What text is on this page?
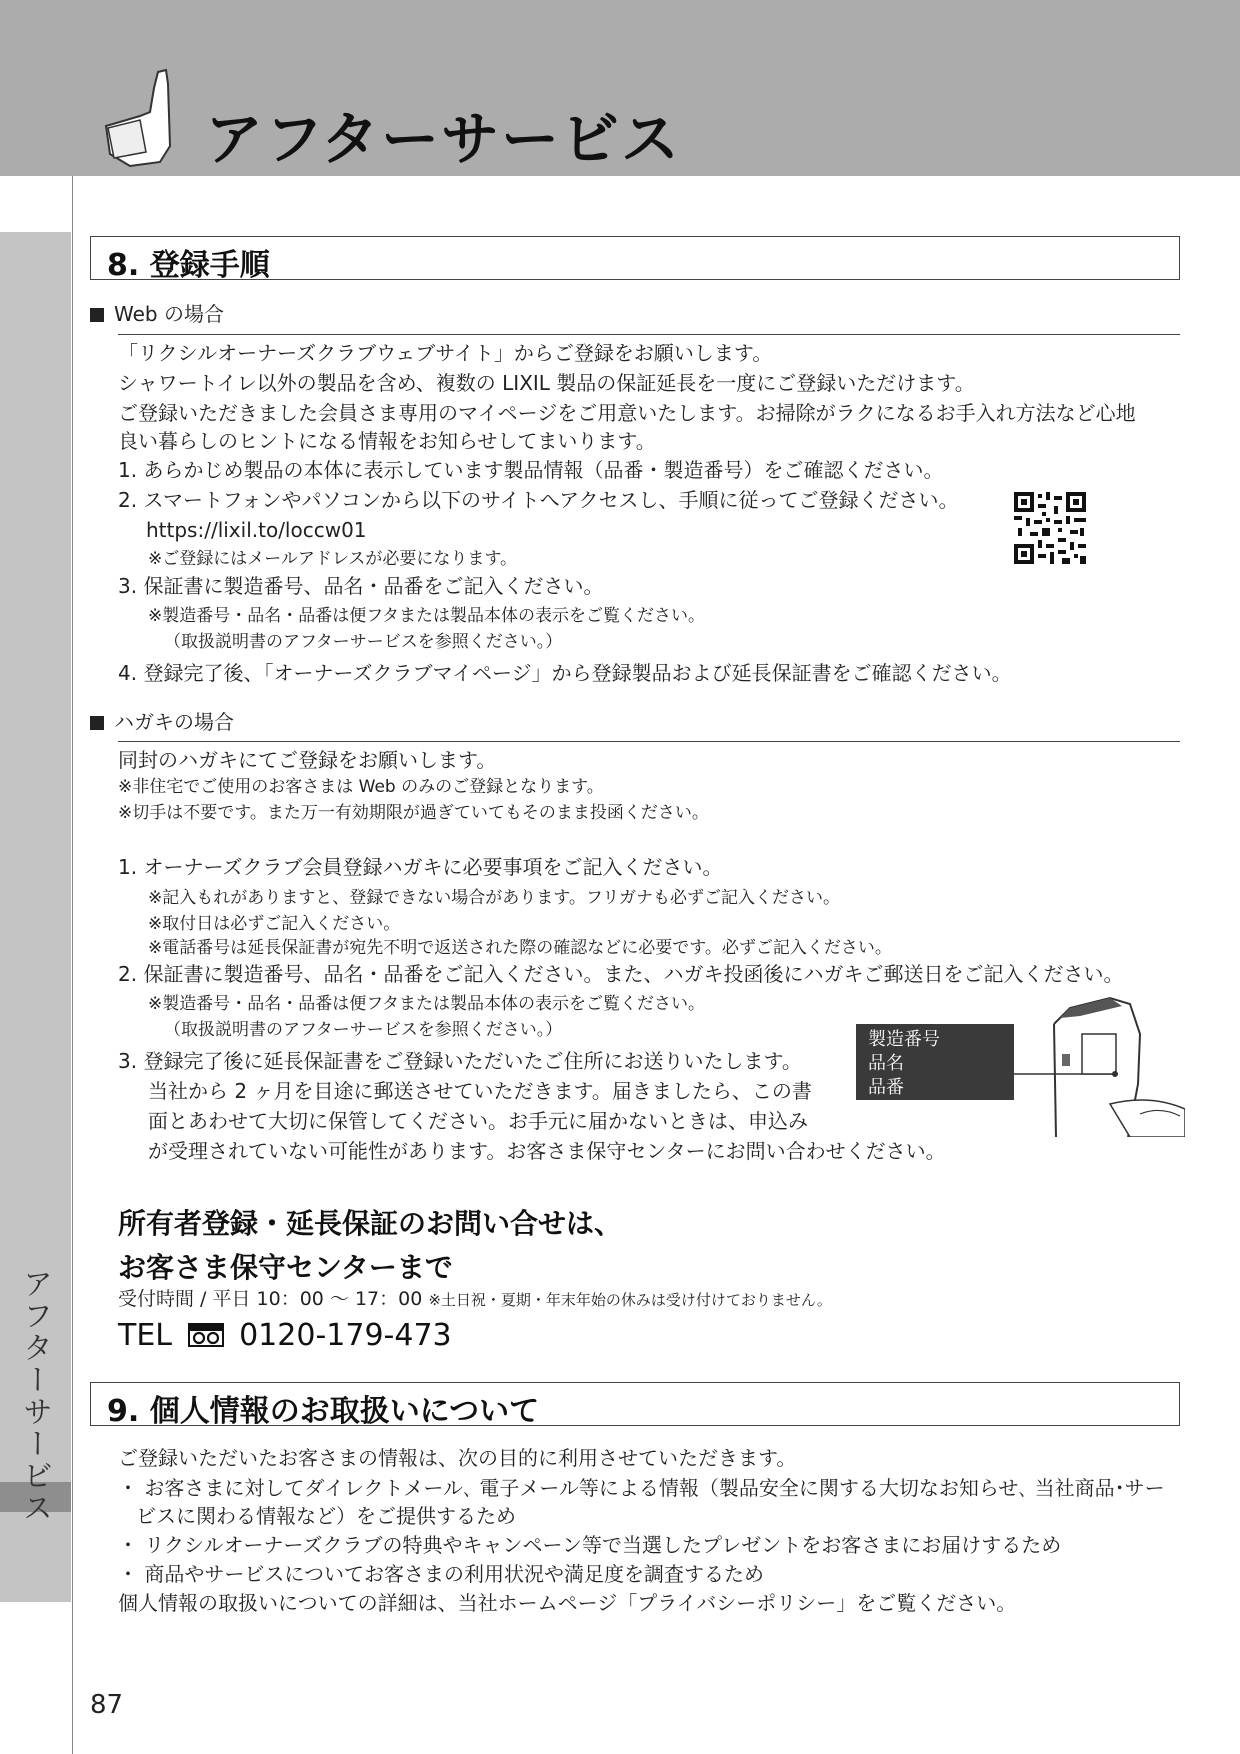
アフターサービス
アフターサービス
8. 登録手順
Web の場合
「リクシルオーナーズクラブウェブサイト」からご登録をお願いします。
シャワートイレ以外の製品を含め、複数の LIXIL 製品の保証延長を一度にご登録いただけます。
ご登録いただきました会員さま専用のマイページをご用意いたします。お掃除がラクになるお手入れ方法など心地
良い暮らしのヒントになる情報をお知らせしてまいります。
1. あらかじめ製品の本体に表示しています製品情報（品番・製造番号）をご確認ください。
2. スマートフォンやパソコンから以下のサイトへアクセスし、手順に従ってご登録ください。
https://lixil.to/loccw01
※ご登録にはメールアドレスが必要になります。
3. 保証書に製造番号、品名・品番をご記入ください。
※製造番号・品名・品番は便フタまたは製品本体の表示をご覧ください。
（取扱説明書のアフターサービスを参照ください。）
4. 登録完了後、「オーナーズクラブマイページ」から登録製品および延長保証書をご確認ください。
ハガキの場合
同封のハガキにてご登録をお願いします。
※非住宅でご使用のお客さまは Web のみのご登録となります。
※切手は不要です。また万一有効期限が過ぎていてもそのまま投函ください。
1. オーナーズクラブ会員登録ハガキに必要事項をご記入ください。
※記入もれがありますと、登録できない場合があります。フリガナも必ずご記入ください。
※取付日は必ずご記入ください。
※電話番号は延長保証書が宛先不明で返送された際の確認などに必要です。必ずご記入ください。
2. 保証書に製造番号、品名・品番をご記入ください。また、ハガキ投函後にハガキご郵送日をご記入ください。
※製造番号・品名・品番は便フタまたは製品本体の表示をご覧ください。
（取扱説明書のアフターサービスを参照ください。）
3. 登録完了後に延長保証書をご登録いただいたご住所にお送りいたします。
当社から 2 ヶ月を目途に郵送させていただきます。届きましたら、この書
面とあわせて大切に保管してください。お手元に届かないときは、申込み
が受理されていない可能性があります。お客さま保守センターにお問い合わせください。
製造番号
品名
品番
所有者登録・延長保証のお問い合せは、
お客さま保守センターまで
受付時間 / 平日 10：00 〜 17：00 ※土日祝・夏期・年末年始の休みは受け付けておりません。
TEL 0120-179-473
9. 個人情報のお取扱いについて
ご登録いただいたお客さまの情報は、次の目的に利用させていただきます。
・ お客さまに対してダイレクトメール､ 電子メール等による情報（製品安全に関する大切なお知らせ､ 当社商品･サー
ビスに関わる情報など）をご提供するため
・ リクシルオーナーズクラブの特典やキャンペーン等で当選したプレゼントをお客さまにお届けするため
・ 商品やサービスについてお客さまの利用状況や満足度を調査するため
個人情報の取扱いについての詳細は、当社ホームページ「プライバシーポリシー」をご覧ください。
87
